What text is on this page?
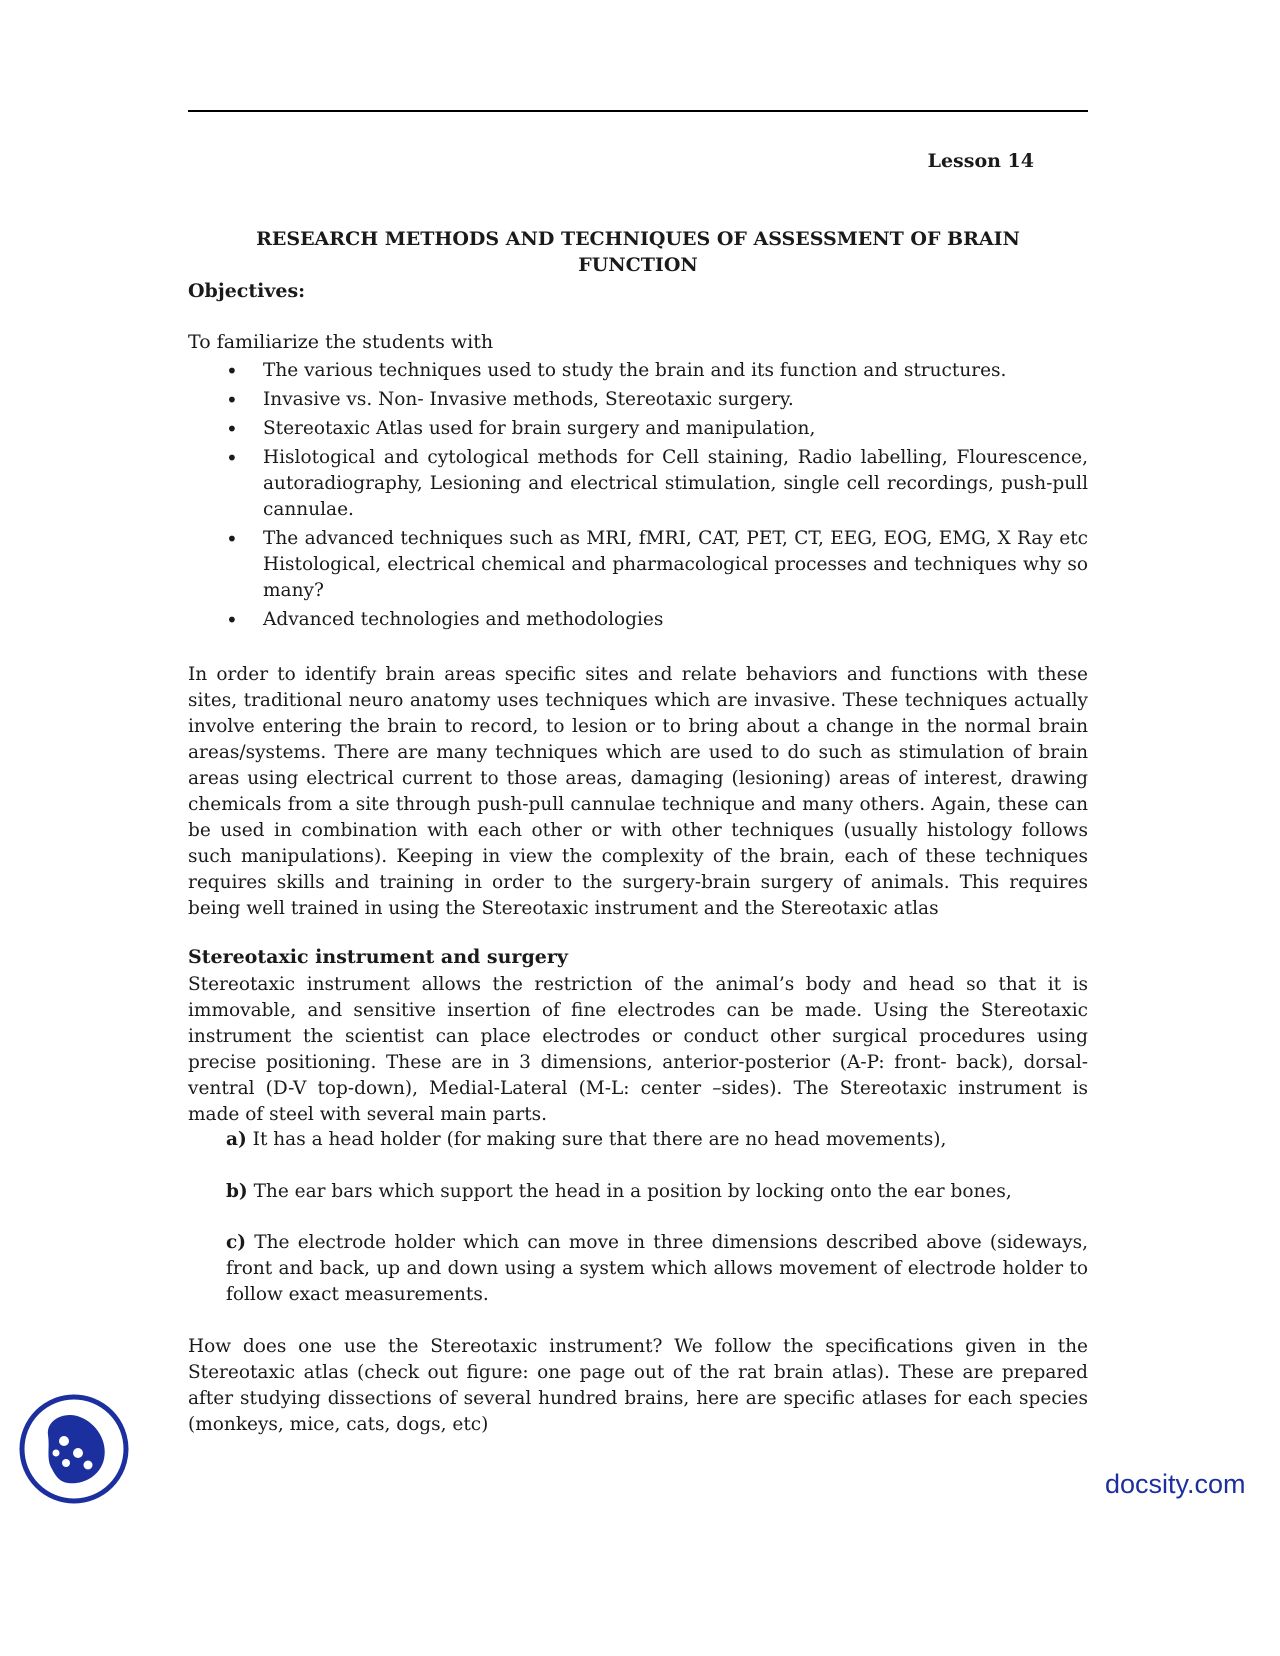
Lesson 14
RESEARCH METHODS AND TECHNIQUES OF ASSESSMENT OF BRAIN
FUNCTION
Objectives:
To familiarize the students with
• The various techniques used to study the brain and its function and structures.
• Invasive vs. Non- Invasive methods, Stereotaxic surgery.
• Stereotaxic Atlas used for brain surgery and manipulation,
• Hislotogical and cytological methods for Cell staining, Radio labelling, Flourescence, autoradiography, Lesioning and electrical stimulation, single cell recordings, push-pull cannulae.
• The advanced techniques such as MRI, fMRI, CAT, PET, CT, EEG, EOG, EMG, X Ray etc Histological, electrical chemical and pharmacological processes and techniques why so many?
• Advanced technologies and methodologies

In order to identify brain areas specific sites and relate behaviors and functions with these sites, traditional neuro anatomy uses techniques which are invasive. These techniques actually involve entering the brain to record, to lesion or to bring about a change in the normal brain areas/systems. There are many techniques which are used to do such as stimulation of brain areas using electrical current to those areas, damaging (lesioning) areas of interest, drawing chemicals from a site through push-pull cannulae technique and many others. Again, these can be used in combination with each other or with other techniques (usually histology follows such manipulations). Keeping in view the complexity of the brain, each of these techniques requires skills and training in order to the surgery-brain surgery of animals. This requires being well trained in using the Stereotaxic instrument and the Stereotaxic atlas

Stereotaxic instrument and surgery

Stereotaxic instrument allows the restriction of the animal’s body and head so that it is immovable, and sensitive insertion of fine electrodes can be made. Using the Stereotaxic instrument the scientist can place electrodes or conduct other surgical procedures using precise positioning. These are in 3 dimensions, anterior-posterior (A-P: front- back), dorsal-ventral (D-V top-down), Medial-Lateral (M-L: center –sides). The Stereotaxic instrument is made of steel with several main parts.

a) It has a head holder (for making sure that there are no head movements),

b) The ear bars which support the head in a position by locking onto the ear bones,

c) The electrode holder which can move in three dimensions described above (sideways, front and back, up and down using a system which allows movement of electrode holder to follow exact measurements.

How does one use the Stereotaxic instrument? We follow the specifications given in the Stereotaxic atlas (check out figure: one page out of the rat brain atlas). These are prepared after studying dissections of several hundred brains, here are specific atlases for each species (monkeys, mice, cats, dogs, etc)

docsity.com
